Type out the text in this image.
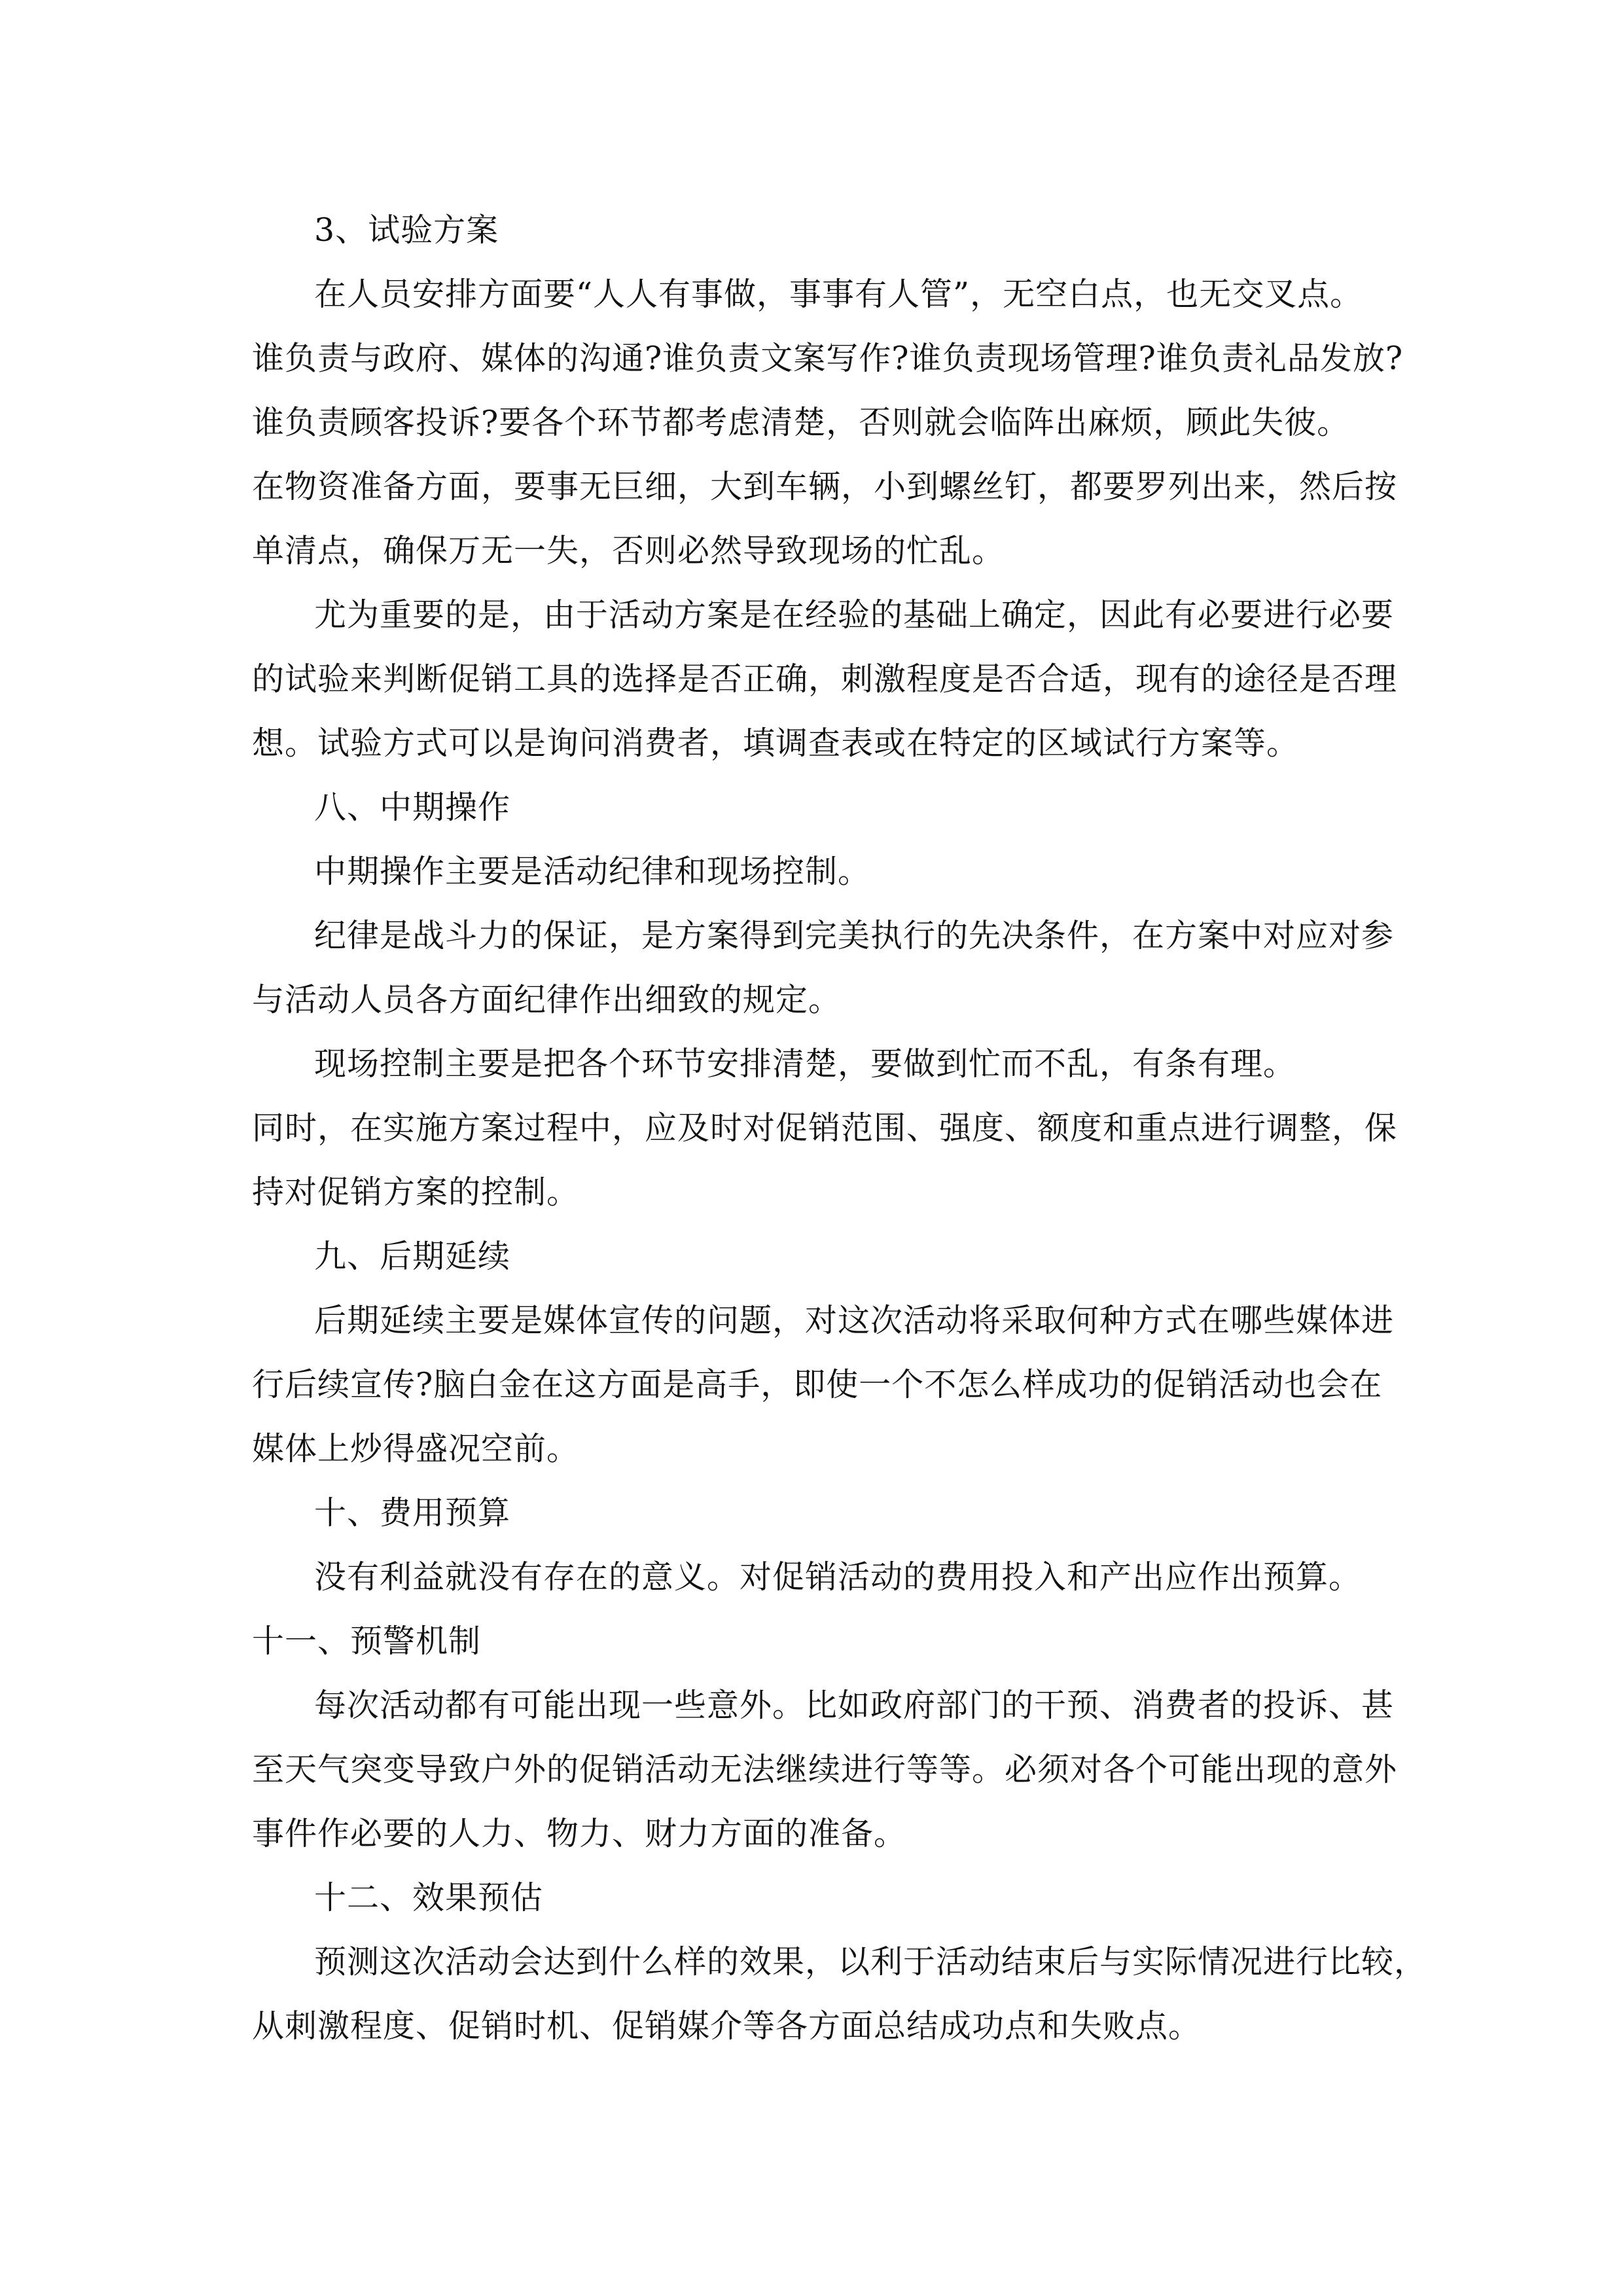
3、试验方案
在人员安排方面要“人人有事做，事事有人管”，无空白点，也无交叉点。
谁负责与政府、媒体的沟通?谁负责文案写作?谁负责现场管理?谁负责礼品发放?
谁负责顾客投诉?要各个环节都考虑清楚，否则就会临阵出麻烦，顾此失彼。
在物资准备方面，要事无巨细，大到车辆，小到螺丝钉，都要罗列出来，然后按
单清点，确保万无一失，否则必然导致现场的忙乱。
尤为重要的是，由于活动方案是在经验的基础上确定，因此有必要进行必要
的试验来判断促销工具的选择是否正确，刺激程度是否合适，现有的途径是否理
想。试验方式可以是询问消费者，填调查表或在特定的区域试行方案等。
八、中期操作
中期操作主要是活动纪律和现场控制。
纪律是战斗力的保证，是方案得到完美执行的先决条件，在方案中对应对参
与活动人员各方面纪律作出细致的规定。
现场控制主要是把各个环节安排清楚，要做到忙而不乱，有条有理。
同时，在实施方案过程中，应及时对促销范围、强度、额度和重点进行调整，保
持对促销方案的控制。
九、后期延续
后期延续主要是媒体宣传的问题，对这次活动将采取何种方式在哪些媒体进
行后续宣传?脑白金在这方面是高手，即使一个不怎么样成功的促销活动也会在
媒体上炒得盛况空前。
十、费用预算
没有利益就没有存在的意义。对促销活动的费用投入和产出应作出预算。
十一、预警机制
每次活动都有可能出现一些意外。比如政府部门的干预、消费者的投诉、甚
至天气突变导致户外的促销活动无法继续进行等等。必须对各个可能出现的意外
事件作必要的人力、物力、财力方面的准备。
十二、效果预估
预测这次活动会达到什么样的效果，以利于活动结束后与实际情况进行比较，
从刺激程度、促销时机、促销媒介等各方面总结成功点和失败点。
